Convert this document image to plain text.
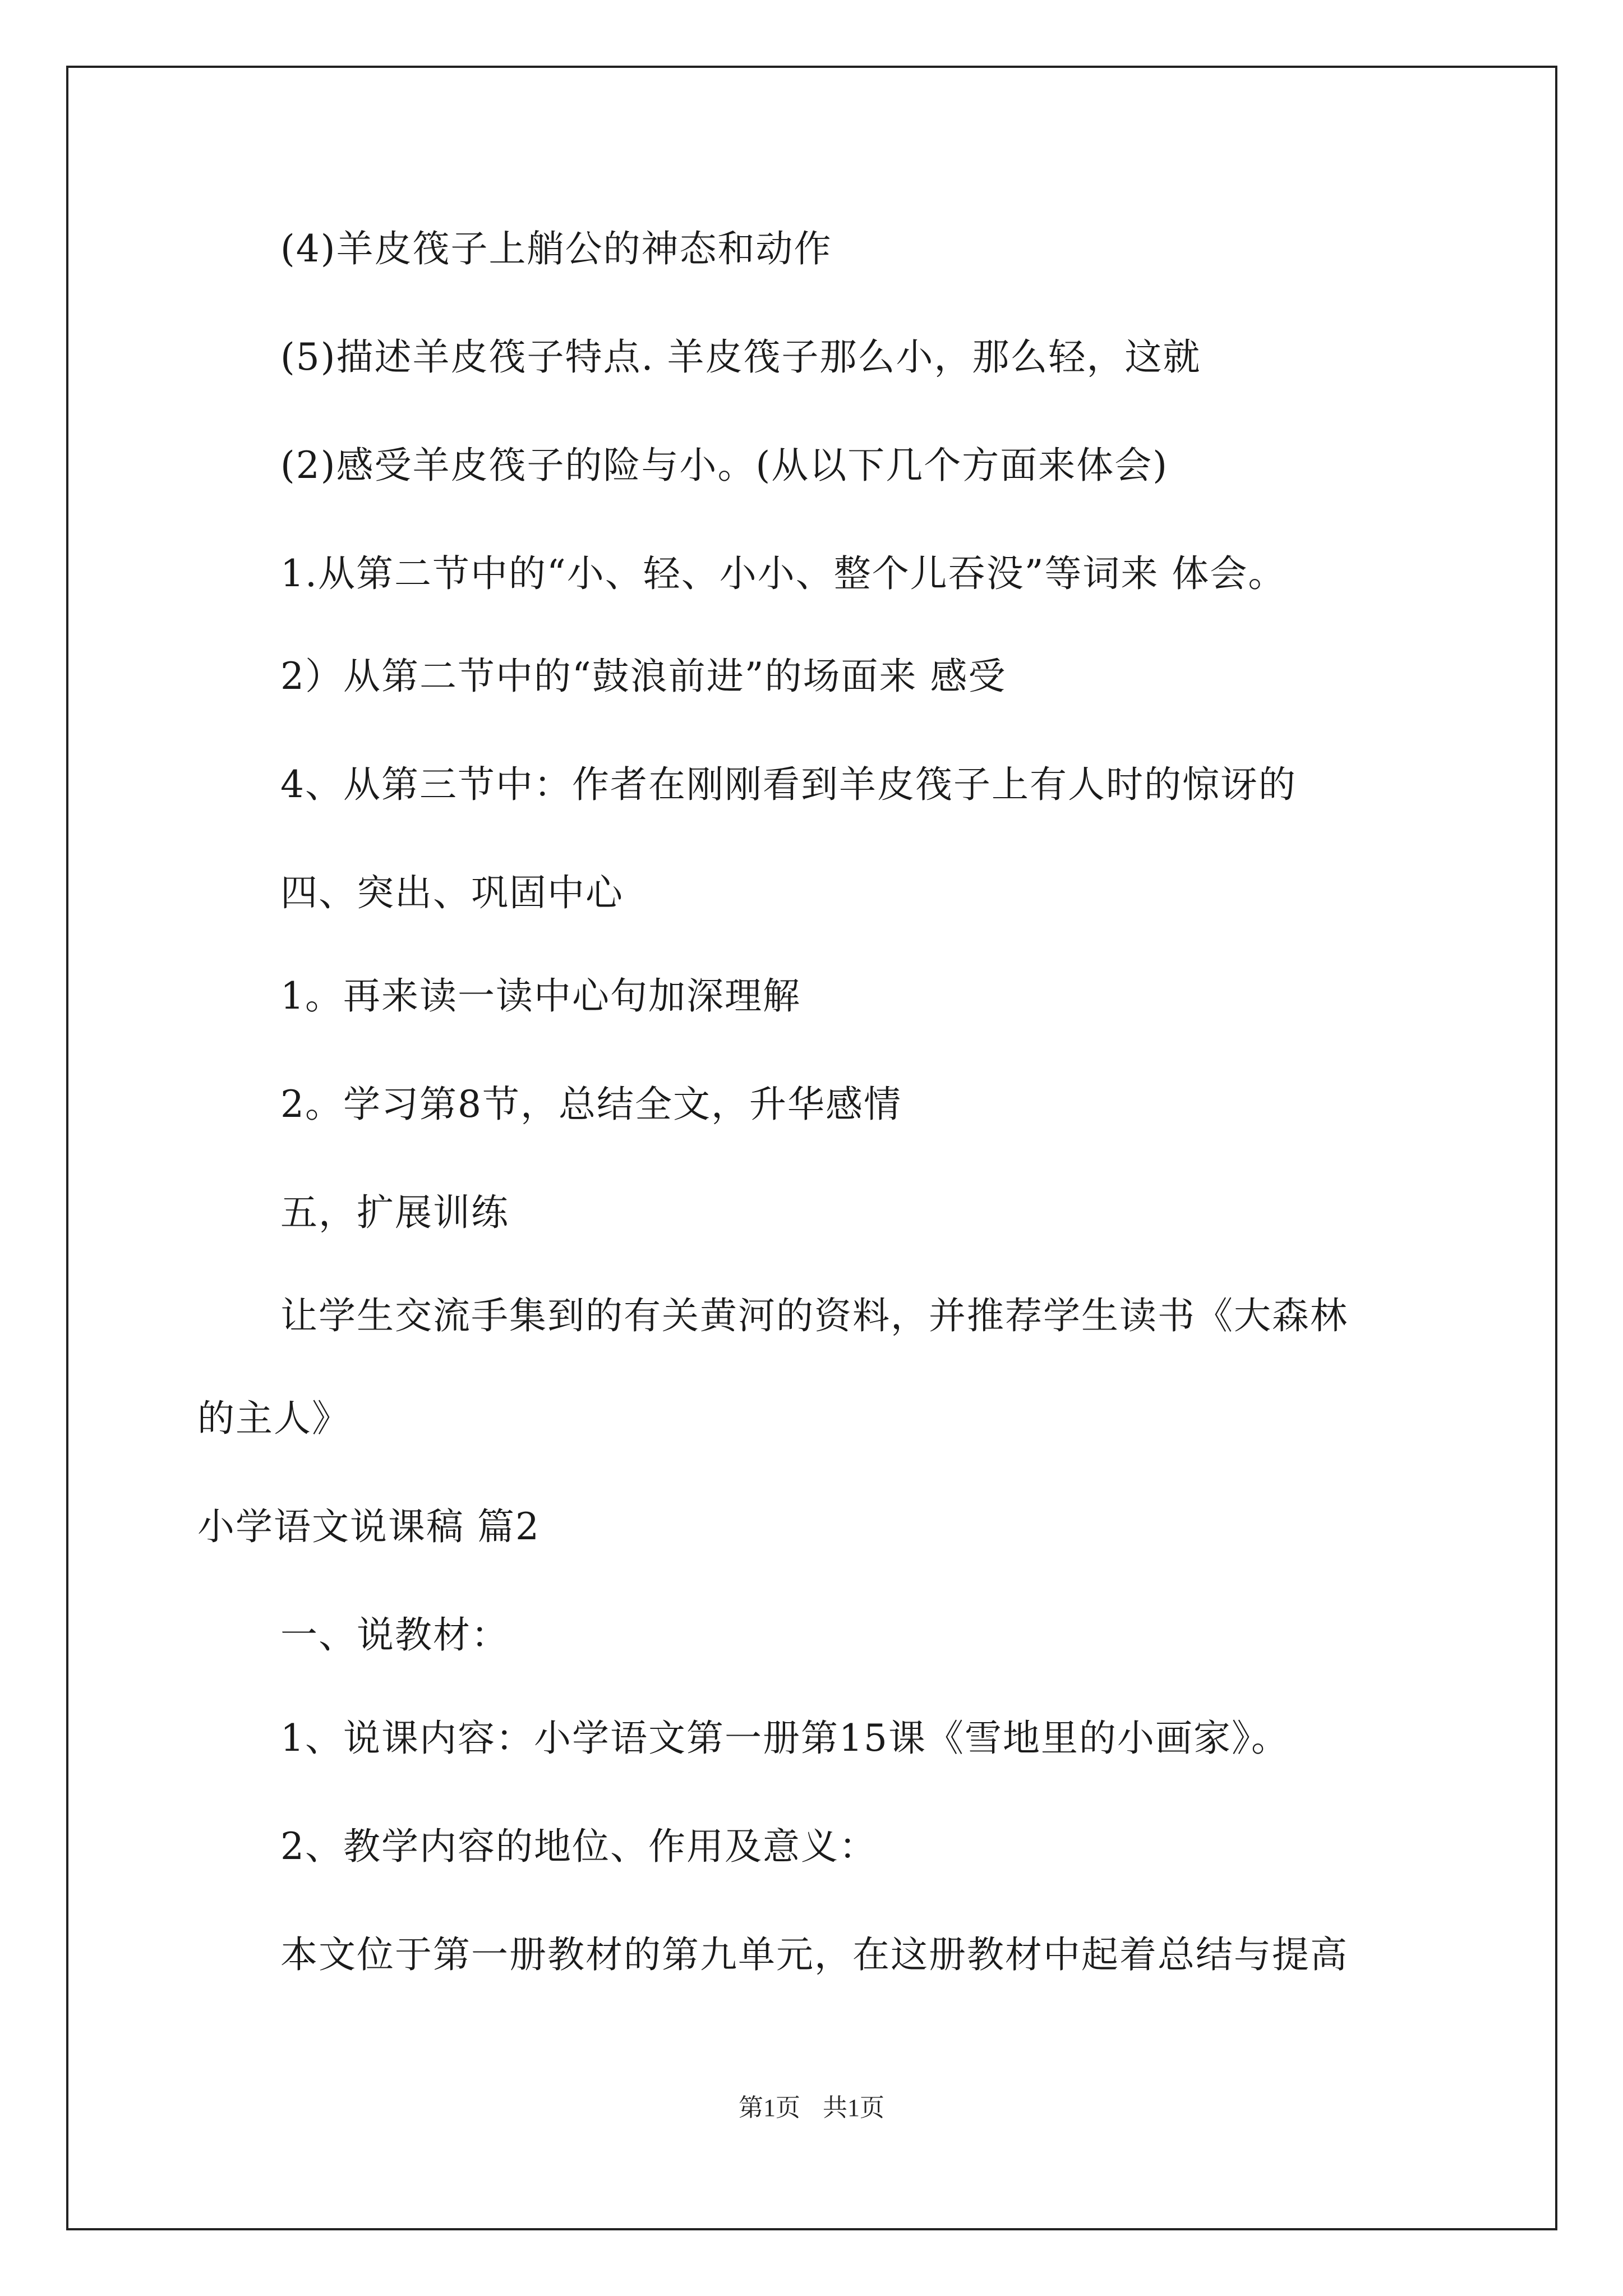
(4)羊皮筏子上艄公的神态和动作
(5)描述羊皮筏子特点. 羊皮筏子那么小，那么轻，这就
(2)感受羊皮筏子的险与小。(从以下几个方面来体会)
1.从第二节中的“小、轻、小小、整个儿吞没”等词来 体会。
2）从第二节中的“鼓浪前进”的场面来 感受
4、从第三节中：作者在刚刚看到羊皮筏子上有人时的惊讶的
四、突出、巩固中心
1。再来读一读中心句加深理解
2。学习第8节，总结全文，升华感情
五，扩展训练
让学生交流手集到的有关黄河的资料，并推荐学生读书《大森林
的主人》
小学语文说课稿 篇2
一、说教材：
1、说课内容：小学语文第一册第15课《雪地里的小画家》。
2、教学内容的地位、作用及意义：
本文位于第一册教材的第九单元，在这册教材中起着总结与提高
第1页 共1页
